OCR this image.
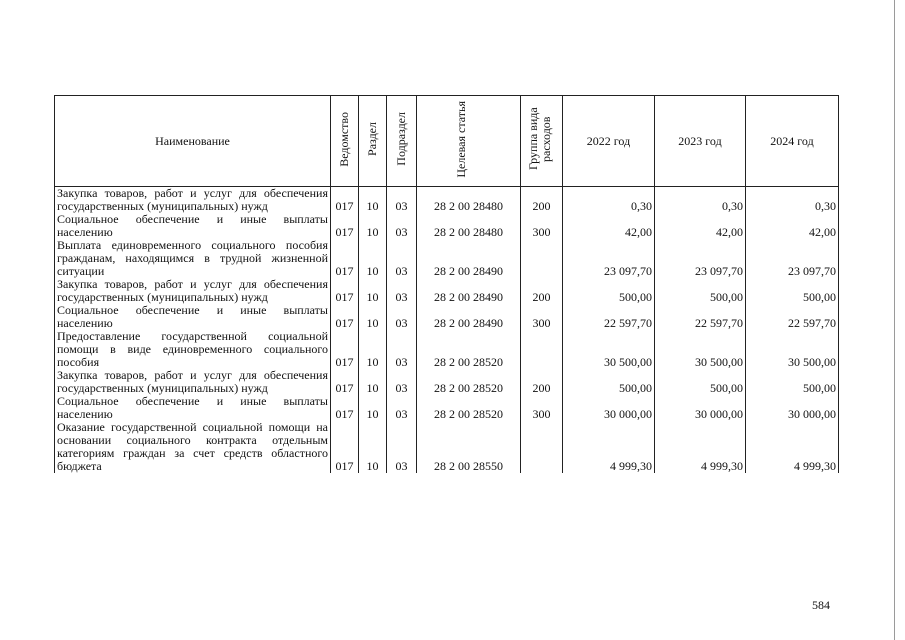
Наименование	Ведомство	Раздел	Подраздел	Целевая статья	Группа вида расходов	2022 год	2023 год	2024 год
Закупка товаров, работ и услуг для обеспечения государственных (муниципальных) нужд	017	10	03	28 2 00 28480	200	0,30	0,30	0,30
Социальное обеспечение и иные выплаты населению	017	10	03	28 2 00 28480	300	42,00	42,00	42,00
Выплата единовременного социального пособия гражданам, находящимся в трудной жизненной ситуации	017	10	03	28 2 00 28490		23 097,70	23 097,70	23 097,70
Закупка товаров, работ и услуг для обеспечения государственных (муниципальных) нужд	017	10	03	28 2 00 28490	200	500,00	500,00	500,00
Социальное обеспечение и иные выплаты населению	017	10	03	28 2 00 28490	300	22 597,70	22 597,70	22 597,70
Предоставление государственной социальной помощи в виде единовременного социального пособия	017	10	03	28 2 00 28520		30 500,00	30 500,00	30 500,00
Закупка товаров, работ и услуг для обеспечения государственных (муниципальных) нужд	017	10	03	28 2 00 28520	200	500,00	500,00	500,00
Социальное обеспечение и иные выплаты населению	017	10	03	28 2 00 28520	300	30 000,00	30 000,00	30 000,00
Оказание государственной социальной помощи на основании социального контракта отдельным категориям граждан за счет средств областного бюджета	017	10	03	28 2 00 28550		4 999,30	4 999,30	4 999,30
584
